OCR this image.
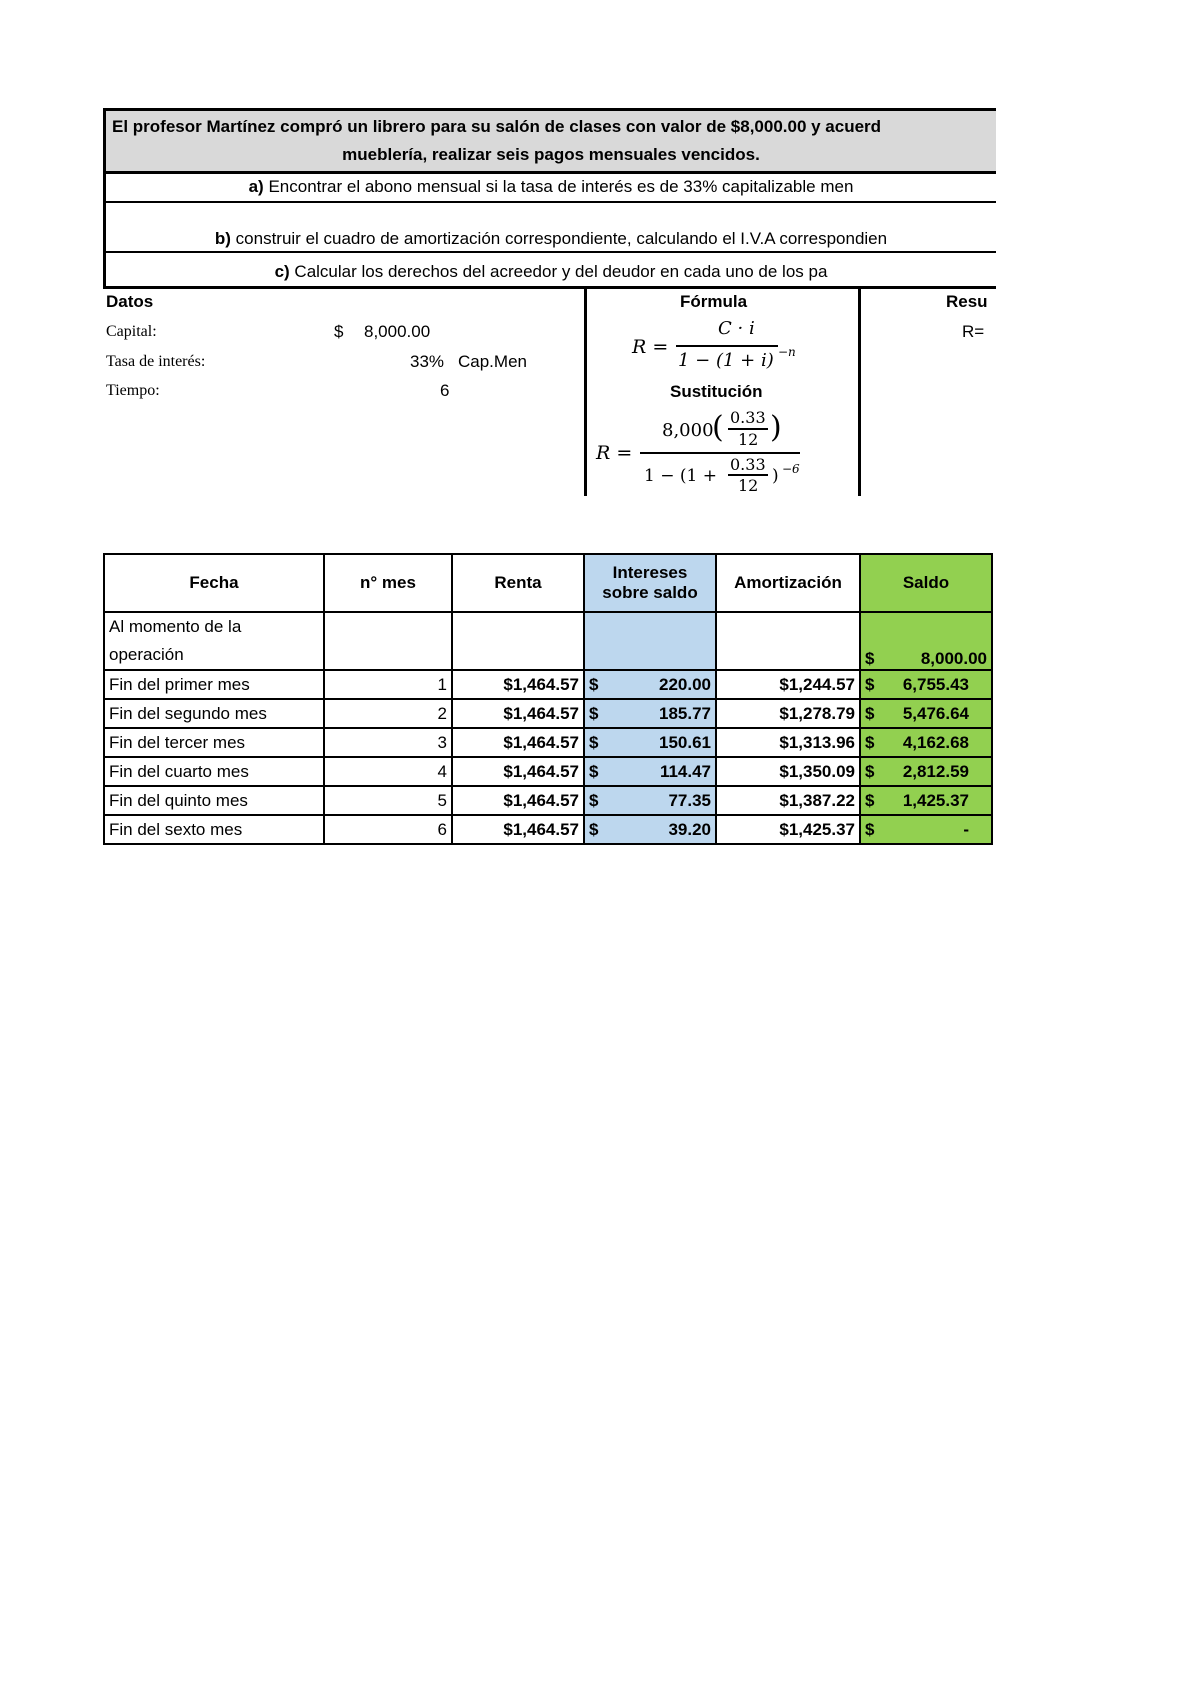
El profesor Martínez compró un librero para su salón de clases con valor de $8,000.00 y acuerd
mueblería, realizar seis pagos mensuales vencidos.
a) Encontrar el abono mensual si la tasa de interés es de 33% capitalizable men
b) construir el cuadro de amortización correspondiente, calculando el I.V.A correspondien
c) Calcular los derechos del acreedor y del deudor en cada uno de los pa
Datos
Capital:	$ 8,000.00
Tasa de interés:	33% Cap.Men
Tiempo:	6
Fórmula
R =
C · i
1 − (1 + i) −n
Sustitución
R =
8,000
( 0.33
12 )
1 − (1 +
0.33
12 ) −6
Resu
R=
Fecha	n° mes	Renta	Intereses
sobre saldo	Amortización	Saldo
Al momento de la
operación					$ 8,000.00

Fin del primer mes	1	$1,464.57	$ 220.00	$1,244.57	$ 6,755.43

Fin del segundo mes	2	$1,464.57	$ 185.77	$1,278.79	$ 5,476.64

Fin del tercer mes	3	$1,464.57	$ 150.61	$1,313.96	$ 4,162.68

Fin del cuarto mes	4	$1,464.57	$ 114.47	$1,350.09	$ 2,812.59

Fin del quinto mes	5	$1,464.57	$ 77.35	$1,387.22	$ 1,425.37

Fin del sexto mes	6	$1,464.57	$ 39.20	$1,425.37	$ -
